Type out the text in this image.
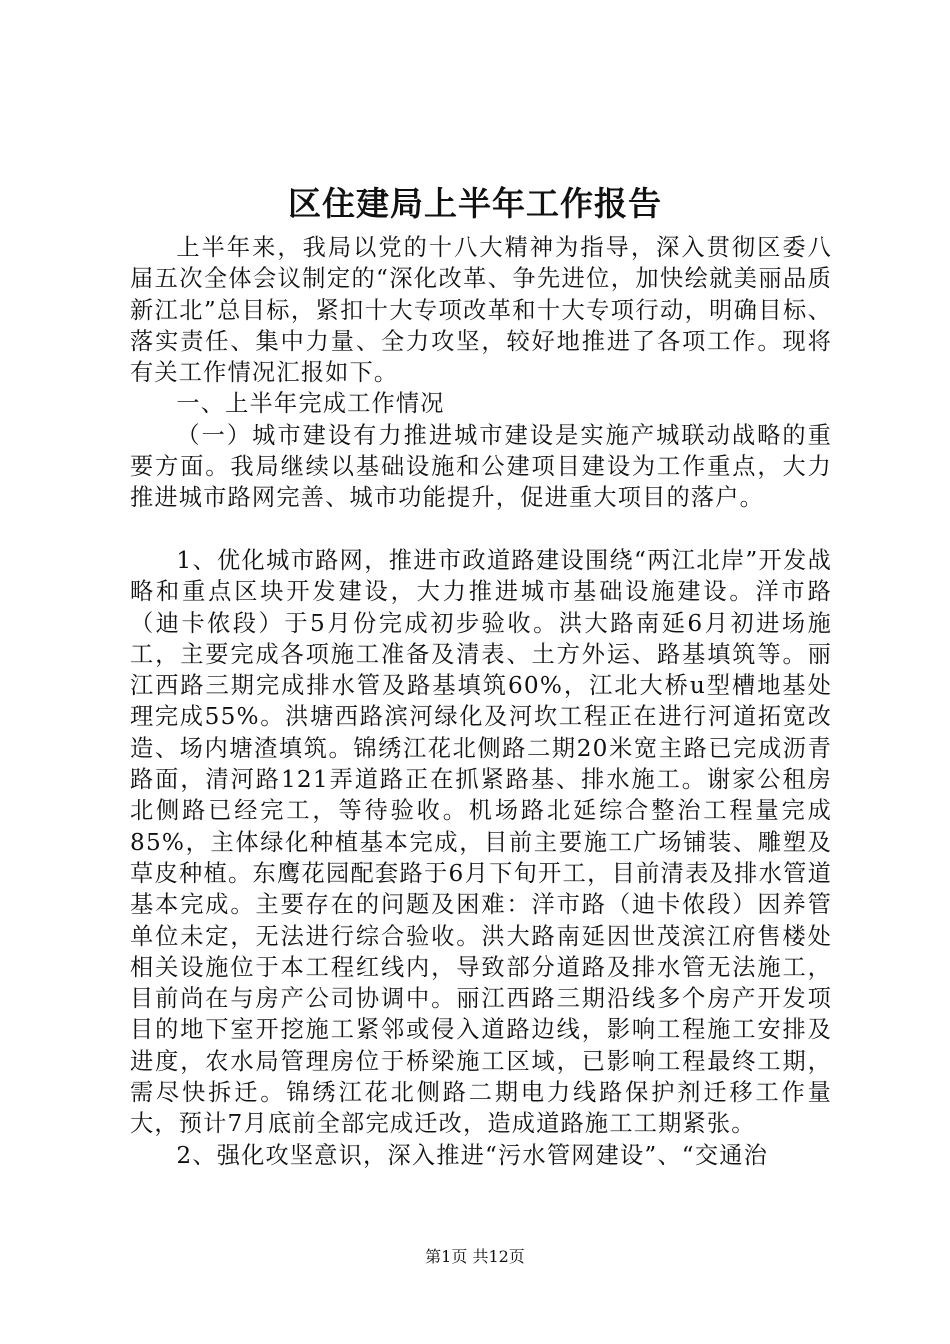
区住建局上半年工作报告

上半年来，我局以党的十八大精神为指导，深入贯彻区委八届五次全体会议制定的“深化改革、争先进位，加快绘就美丽品质新江北”总目标，紧扣十大专项改革和十大专项行动，明确目标、落实责任、集中力量、全力攻坚，较好地推进了各项工作。现将有关工作情况汇报如下。

一、上半年完成工作情况

（一）城市建设有力推进城市建设是实施产城联动战略的重要方面。我局继续以基础设施和公建项目建设为工作重点，大力推进城市路网完善、城市功能提升，促进重大项目的落户。

1、优化城市路网，推进市政道路建设围绕“两江北岸”开发战略和重点区块开发建设，大力推进城市基础设施建设。洋市路（迪卡侬段）于5月份完成初步验收。洪大路南延6月初进场施工，主要完成各项施工准备及清表、土方外运、路基填筑等。丽江西路三期完成排水管及路基填筑60%，江北大桥u型槽地基处理完成55%。洪塘西路滨河绿化及河坎工程正在进行河道拓宽改造、场内塘渣填筑。锦绣江花北侧路二期20米宽主路已完成沥青路面，清河路121弄道路正在抓紧路基、排水施工。谢家公租房北侧路已经完工，等待验收。机场路北延综合整治工程量完成85%，主体绿化种植基本完成，目前主要施工广场铺装、雕塑及草皮种植。东鹰花园配套路于6月下旬开工，目前清表及排水管道基本完成。主要存在的问题及困难：洋市路（迪卡侬段）因养管单位未定，无法进行综合验收。洪大路南延因世茂滨江府售楼处相关设施位于本工程红线内，导致部分道路及排水管无法施工，目前尚在与房产公司协调中。丽江西路三期沿线多个房产开发项目的地下室开挖施工紧邻或侵入道路边线，影响工程施工安排及进度，农水局管理房位于桥梁施工区域，已影响工程最终工期，需尽快拆迁。锦绣江花北侧路二期电力线路保护剂迁移工作量大，预计7月底前全部完成迁改，造成道路施工工期紧张。

2、强化攻坚意识，深入推进“污水管网建设”、“交通治

第1页 共12页
